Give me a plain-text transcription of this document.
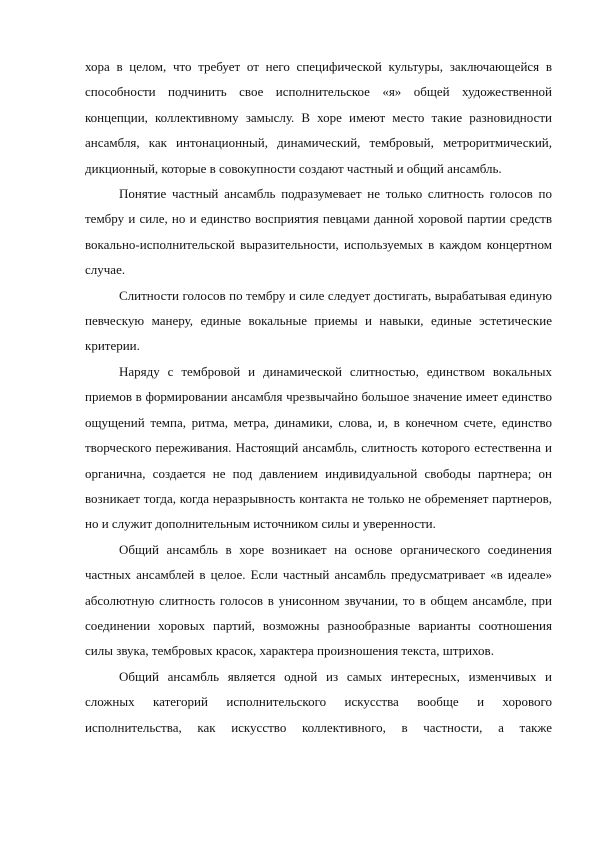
хора в целом, что требует от него специфической культуры, заключающейся в способности подчинить свое исполнительское «я» общей художественной концепции, коллективному замыслу. В хоре имеют место такие разновидности ансамбля, как интонационный, динамический, тембровый, метроритмический, дикционный, которые в совокупности создают частный и общий ансамбль.

Понятие частный ансамбль подразумевает не только слитность голосов по тембру и силе, но и единство восприятия певцами данной хоровой партии средств вокально-исполнительской выразительности, используемых в каждом концертном случае.

Слитности голосов по тембру и силе следует достигать, вырабатывая единую певческую манеру, единые вокальные приемы и навыки, единые эстетические критерии.

Наряду с тембровой и динамической слитностью, единством вокальных приемов в формировании ансамбля чрезвычайно большое значение имеет единство ощущений темпа, ритма, метра, динамики, слова, и, в конечном счете, единство творческого переживания. Настоящий ансамбль, слитность которого естественна и органична, создается не под давлением индивидуальной свободы партнера; он возникает тогда, когда неразрывность контакта не только не обременяет партнеров, но и служит дополнительным источником силы и уверенности.

Общий ансамбль в хоре возникает на основе органического соединения частных ансамблей в целое. Если частный ансамбль предусматривает «в идеале» абсолютную слитность голосов в унисонном звучании, то в общем ансамбле, при соединении хоровых партий, возможны разнообразные варианты соотношения силы звука, тембровых красок, характера произношения текста, штрихов.

Общий ансамбль является одной из самых интересных, изменчивых и сложных категорий исполнительского искусства вообще и хорового исполнительства, как искусство коллективного, в частности, а также
